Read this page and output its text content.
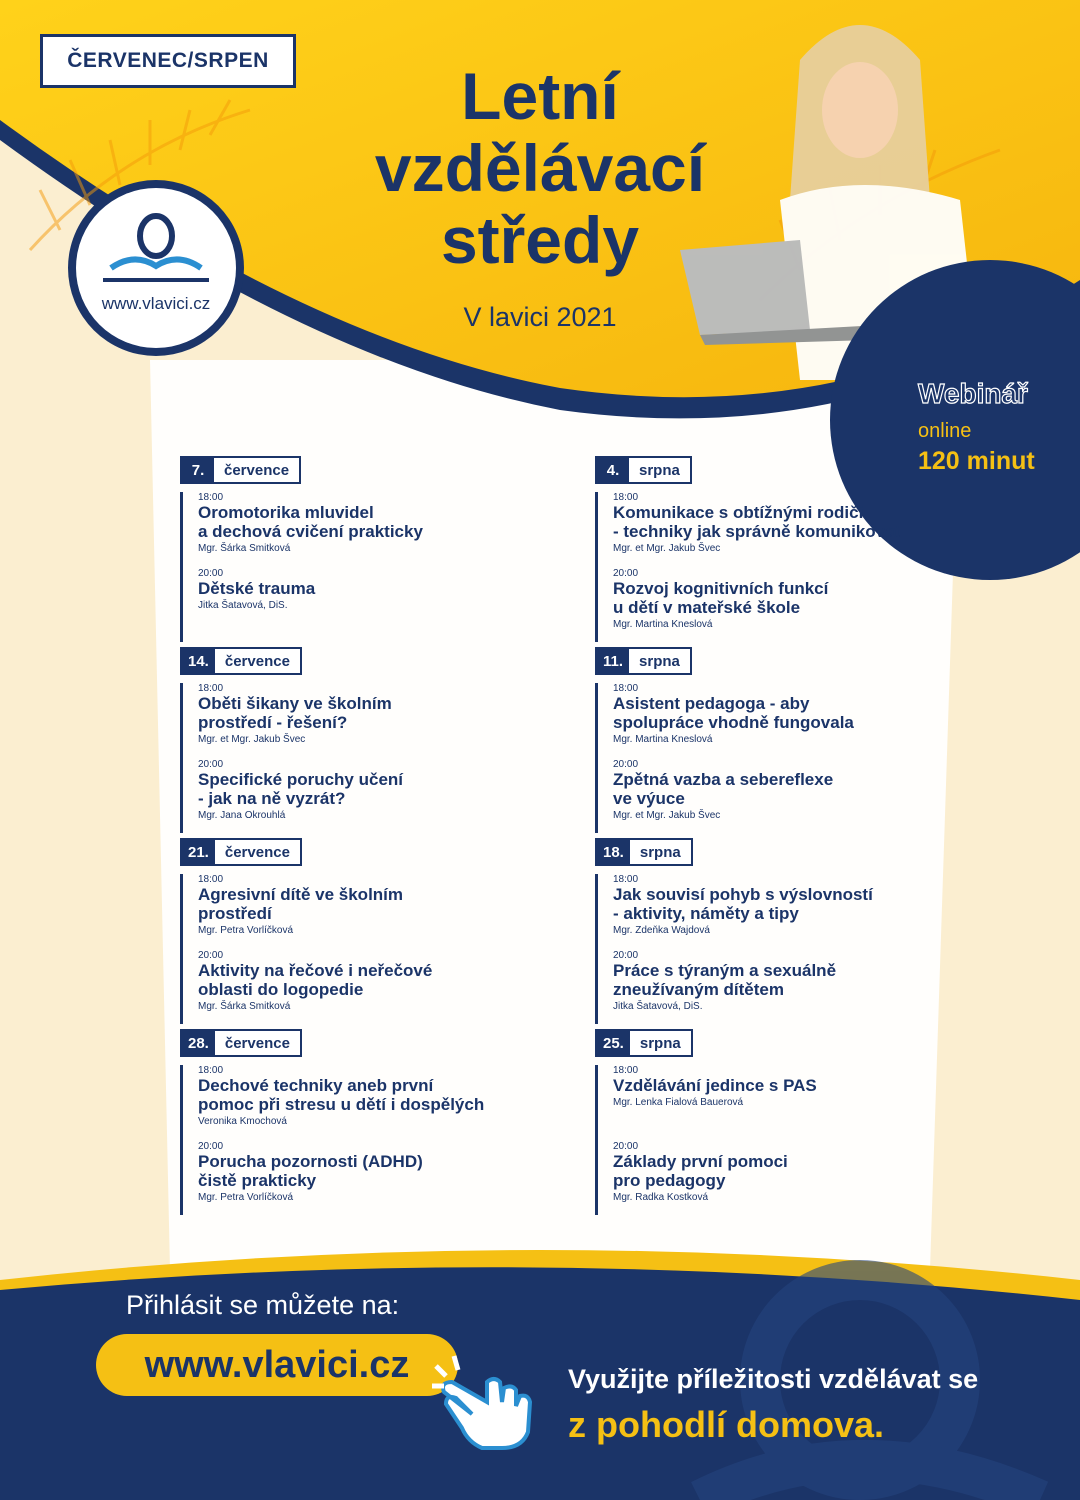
ČERVENEC/SRPEN
www.vlavici.cz
Letní
vzdělávací
středy
V lavici 2021
Webinář
online
120 minut
7.	července
18:00
Oromotorika mluvidel
a dechová cvičení prakticky
Mgr. Šárka Smitková
20:00
Dětské trauma
Jitka Šatavová, DiS.
14.	července
18:00
Oběti šikany ve školním
prostředí - řešení?
Mgr. et Mgr. Jakub Švec
20:00
Specifické poruchy učení
- jak na ně vyzrát?
Mgr. Jana Okrouhlá
21.	července
18:00
Agresivní dítě ve školním
prostředí
Mgr. Petra Vorlíčková
20:00
Aktivity na řečové i neřečové
oblasti do logopedie
Mgr. Šárka Smitková
28.	července
18:00
Dechové techniky aneb první
pomoc při stresu u dětí i dospělých
Veronika Kmochová
20:00
Porucha pozornosti (ADHD)
čistě prakticky
Mgr. Petra Vorlíčková
4.	srpna
18:00
Komunikace s obtížnými rodiči
- techniky jak správně komunikovat
Mgr. et Mgr. Jakub Švec
20:00
Rozvoj kognitivních funkcí
u dětí v mateřské škole
Mgr. Martina Kneslová
11.	srpna
18:00
Asistent pedagoga - aby
spolupráce vhodně fungovala
Mgr. Martina Kneslová
20:00
Zpětná vazba a sebereflexe
ve výuce
Mgr. et Mgr. Jakub Švec
18.	srpna
18:00
Jak souvisí pohyb s výslovností
- aktivity, náměty a tipy
Mgr. Zdeňka Wajdová
20:00
Práce s týraným a sexuálně
zneužívaným dítětem
Jitka Šatavová, DiS.
25.	srpna
18:00
Vzdělávání jedince s PAS
Mgr. Lenka Fialová Bauerová
20:00
Základy první pomoci
pro pedagogy
Mgr. Radka Kostková
Přihlásit se můžete na:
www.vlavici.cz	Využijte příležitosti vzdělávat se
z pohodlí domova.
